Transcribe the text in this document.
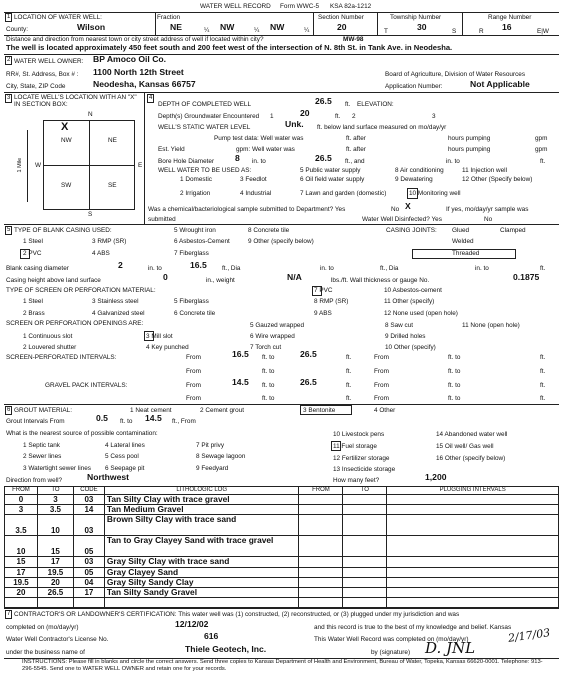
WATER WELL RECORD Form WWC-5 KSA 82a-1212
1 LOCATION OF WATER WELL:
County:	Wilson
Fraction
NE	¼ NW	¼ NW	¼
Section Number
20
Township Number
T	30	S
Range Number
R 16	E|W
Distance and direction from nearest town or city street address of well if located within city?	MW-98
The well is located approximately 450 feet south and 200 feet west of the intersection of N. 8th St. in Tank Ave. in Neodesha.
2 WATER WELL OWNER: BP Amoco Oil Co.
RR#, St. Address, Box # : 1100 North 12th Street
City, State, ZIP Code	Neodesha, Kansas 66757
Board of Agriculture, Division of Water Resources
Application Number:	Not Applicable
3 LOCATE WELL'S LOCATION WITH AN "X" IN SECTION BOX:
N
W	E
S
NW	NE
SW	SE
X
1 Mile
4
DEPTH OF COMPLETED WELL	26.5 ft. ELEVATION:
Depth(s) Groundwater Encountered 1	20	ft. 2	3
WELL'S STATIC WATER LEVEL	Unk. ft. below land surface measured on mo/day/yr
Pump test data: Well water was	ft. after	hours pumping	gpm
Est. Yield	gpm: Well water was	ft. after	hours pumping	gpm
Bore Hole Diameter 8 in. to	26.5 ft., and	in. to	ft.
WELL WATER TO BE USED AS:
1 Domestic	3 Feedlot
5 Public water supply	8 Air conditioning	11 Injection well
2 Irrigation	4 Industrial
6 Oil field water supply	9 Dewatering	12 Other (Specify below)
7 Lawn and garden (domestic)	10 Monitoring well
Was a chemical/bacteriological sample submitted to Department? Yes	No X	If yes, mo/day/yr sample was
submitted	Water Well Disinfected? Yes	No
5 TYPE OF BLANK CASING USED:
1 Steel	3 RMP (SR)
5 Wrought iron	8 Concrete tile
2 PVC	4 ABS
6 Asbestos-Cement	9 Other (specify below)
7 Fiberglass
CASING JOINTS: Glued	Clamped
Welded
Threaded
Blank casing diameter	2	in. to	16.5 ft., Dia	in. to	ft., Dia	in. to	ft.
Casing height above land surface	0	in., weight	N/A	lbs./ft. Wall thickness or gauge No.	0.1875
TYPE OF SCREEN OR PERFORATION MATERIAL:
1 Steel	3 Stainless steel	5 Fiberglass
7 PVC	10 Asbestos-cement
2 Brass	4 Galvanized steel	6 Concrete tile
8 RMP (SR)	11 Other (specify)
9 ABS	12 None used (open hole)
SCREEN OR PERFORATION OPENINGS ARE:
1 Continuous slot	3 Mill slot
5 Gauzed wrapped	8 Saw cut	11 None (open hole)
2 Louvered shutter	4 Key punched
6 Wire wrapped	9 Drilled holes
7 Torch cut	10 Other (specify)
SCREEN-PERFORATED INTERVALS:	From	16.5 ft. to	26.5	ft.	From	ft. to	ft.
From	ft. to	ft.	From	ft. to	ft.
GRAVEL PACK INTERVALS:	From	14.5 ft. to	26.5	ft.	From	ft. to	ft.
From	ft. to	ft.	From	ft. to	ft.
6 GROUT MATERIAL:	1 Neat cement	2 Cement grout	3 Bentonite	4 Other
Grout Intervals From	0.5 ft. to 14.5 ft., From
What is the nearest source of possible contamination:
1 Septic tank	4 Lateral lines	7 Pit privy
10 Livestock pens	14 Abandoned water well
2 Sewer lines	5 Cess pool	8 Sewage lagoon
11 Fuel storage	15 Oil well/ Gas well
3 Watertight sewer lines 6 Seepage pit	9 Feedyard
12 Fertilizer storage	16 Other (specify below)
13 Insecticide storage
Direction from well?	Northwest	How many feet?	1,200
FROM	TO	CODE	LITHOLOGIC LOG	FROM	TO	PLUGGING INTERVALS
0	3	03	Tan Silty Clay with trace gravel			
3	3.5	14	Tan Medium Gravel			
3.5	10	03	Brown Silty Clay with trace sand			
10	15	05	Tan to Gray Clayey Sand with trace gravel			
15	17	03	Gray Silty Clay with trace sand			
17	19.5	05	Gray Clayey Sand			
19.5	20	04	Gray Silty Sandy Clay			
20	26.5	17	Tan Silty Sandy Gravel			

7 CONTRACTOR'S OR LANDOWNER'S CERTIFICATION: This water well was (1) constructed, (2) reconstructed, or (3) plugged under my jurisdiction and was
completed on (mo/day/yr)	12/12/02	and this record is true to the best of my knowledge and belief. Kansas
Water Well Contractor's License No.	616	This Water Well Record was completed on (mo/day/yr)	2/17/03
under the business name of	Thiele Geotech, Inc.	by (signature) D. JNL
INSTRUCTIONS: Please fill in blanks and circle the correct answers. Send three copies to Kansas Department of Health and Environment, Bureau of Water, Topeka, Kansas 66620-0001. Telephone: 913-296-5545. Send one to WATER WELL OWNER and retain one for your records.
